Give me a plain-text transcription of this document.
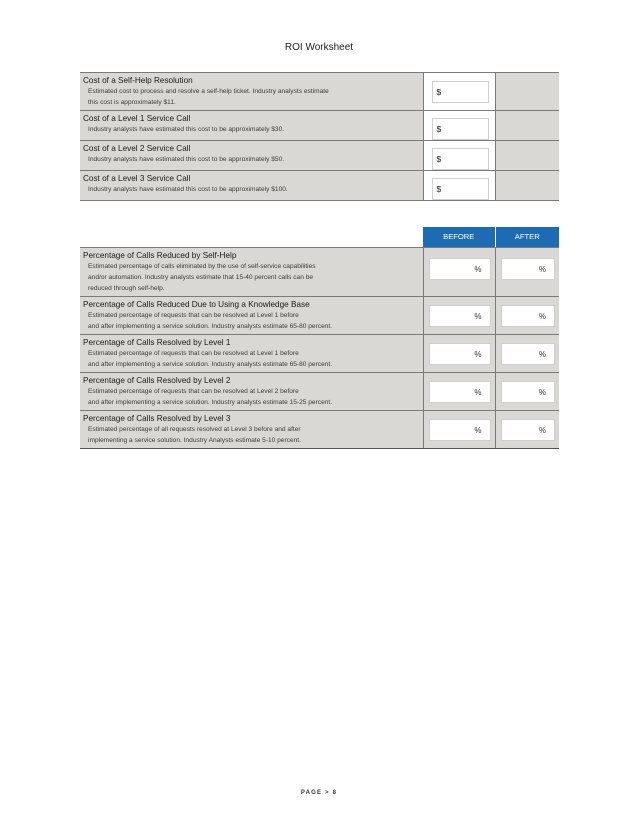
ROI Worksheet
Cost of a Self-Help Resolution
Estimated cost to process and resolve a self-help ticket. Industry analysts estimate
this cost is approximately $11.	$	

Cost of a Level 1 Service Call
Industry analysts have estimated this cost to be approximately $30.	$	

Cost of a Level 2 Service Call
Industry analysts have estimated this cost to be approximately $50.	$	

Cost of a Level 3 Service Call
Industry analysts have estimated this cost to be approximately $100.	$	

	BEFORE	AFTER

Percentage of Calls Reduced by Self-Help
Estimated percentage of calls eliminated by the use of self-service capabilities
and/or automation. Industry analysts estimate that 15-40 percent calls can be
reduced through self-help.	%	%

Percentage of Calls Reduced Due to Using a Knowledge Base
Estimated percentage of requests that can be resolved at Level 1 before
and after implementing a service solution. Industry analysts estimate 65-80 percent.	%	%

Percentage of Calls Resolved by Level 1
Estimated percentage of requests that can be resolved at Level 1 before
and after implementing a service solution. Industry analysts estimate 65-80 percent.	%	%

Percentage of Calls Resolved by Level 2
Estimated percentage of requests that can be resolved at Level 2 before
and after implementing a service solution. Industry analysts estimate 15-25 percent.	%	%

Percentage of Calls Resolved by Level 3
Estimated percentage of all requests resolved at Level 3 before and after
implementing a service solution. Industry Analysts estimate 5-10 percent.	%	%
PAGE > 8
